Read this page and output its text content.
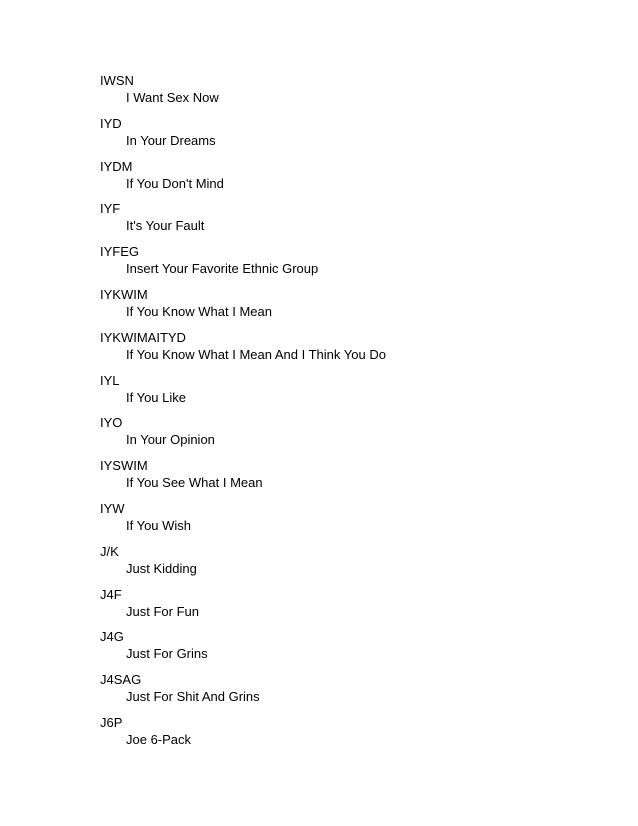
IWSN
I Want Sex Now
IYD
In Your Dreams
IYDM
If You Don't Mind
IYF
It's Your Fault
IYFEG
Insert Your Favorite Ethnic Group
IYKWIM
If You Know What I Mean
IYKWIMAITYD
If You Know What I Mean And I Think You Do
IYL
If You Like
IYO
In Your Opinion
IYSWIM
If You See What I Mean
IYW
If You Wish
J/K
Just Kidding
J4F
Just For Fun
J4G
Just For Grins
J4SAG
Just For Shit And Grins
J6P
Joe 6-Pack
